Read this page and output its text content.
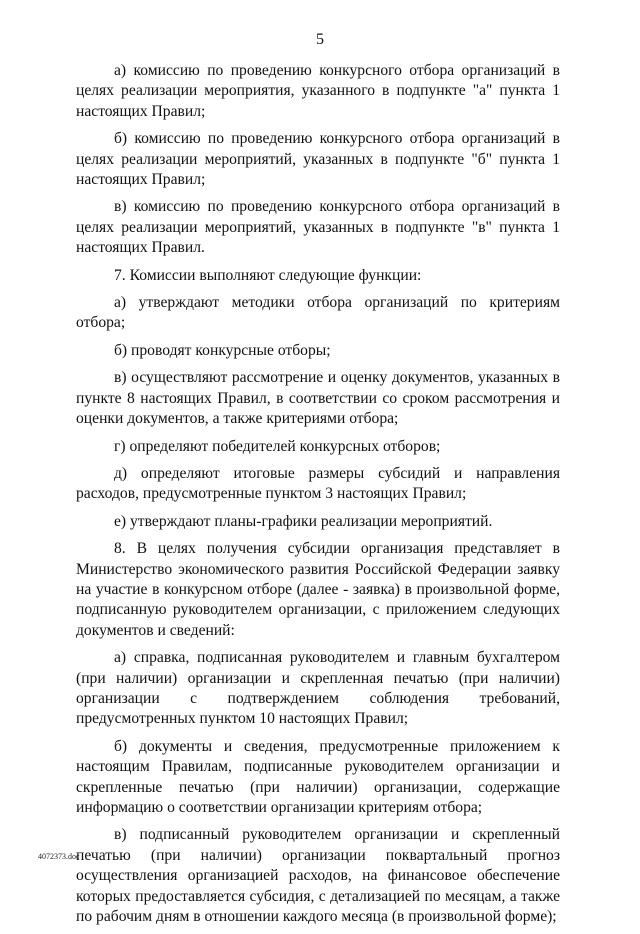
5

а) комиссию по проведению конкурсного отбора организаций в целях реализации мероприятия, указанного в подпункте "а" пункта 1 настоящих Правил;

б) комиссию по проведению конкурсного отбора организаций в целях реализации мероприятий, указанных в подпункте "б" пункта 1 настоящих Правил;

в) комиссию по проведению конкурсного отбора организаций в целях реализации мероприятий, указанных в подпункте "в" пункта 1 настоящих Правил.

7. Комиссии выполняют следующие функции:

а) утверждают методики отбора организаций по критериям отбора;

б) проводят конкурсные отборы;

в) осуществляют рассмотрение и оценку документов, указанных в пункте 8 настоящих Правил, в соответствии со сроком рассмотрения и оценки документов, а также критериями отбора;

г) определяют победителей конкурсных отборов;

д) определяют итоговые размеры субсидий и направления расходов, предусмотренные пунктом 3 настоящих Правил;

е) утверждают планы-графики реализации мероприятий.

8. В целях получения субсидии организация представляет в Министерство экономического развития Российской Федерации заявку на участие в конкурсном отборе (далее - заявка) в произвольной форме, подписанную руководителем организации, с приложением следующих документов и сведений:

а) справка, подписанная руководителем и главным бухгалтером (при наличии) организации и скрепленная печатью (при наличии) организации с подтверждением соблюдения требований, предусмотренных пунктом 10 настоящих Правил;

б) документы и сведения, предусмотренные приложением к настоящим Правилам, подписанные руководителем организации и скрепленные печатью (при наличии) организации, содержащие информацию о соответствии организации критериям отбора;

в) подписанный руководителем организации и скрепленный печатью (при наличии) организации поквартальный прогноз осуществления организацией расходов, на финансовое обеспечение которых предоставляется субсидия, с детализацией по месяцам, а также по рабочим дням в отношении каждого месяца (в произвольной форме);

4072373.doc
